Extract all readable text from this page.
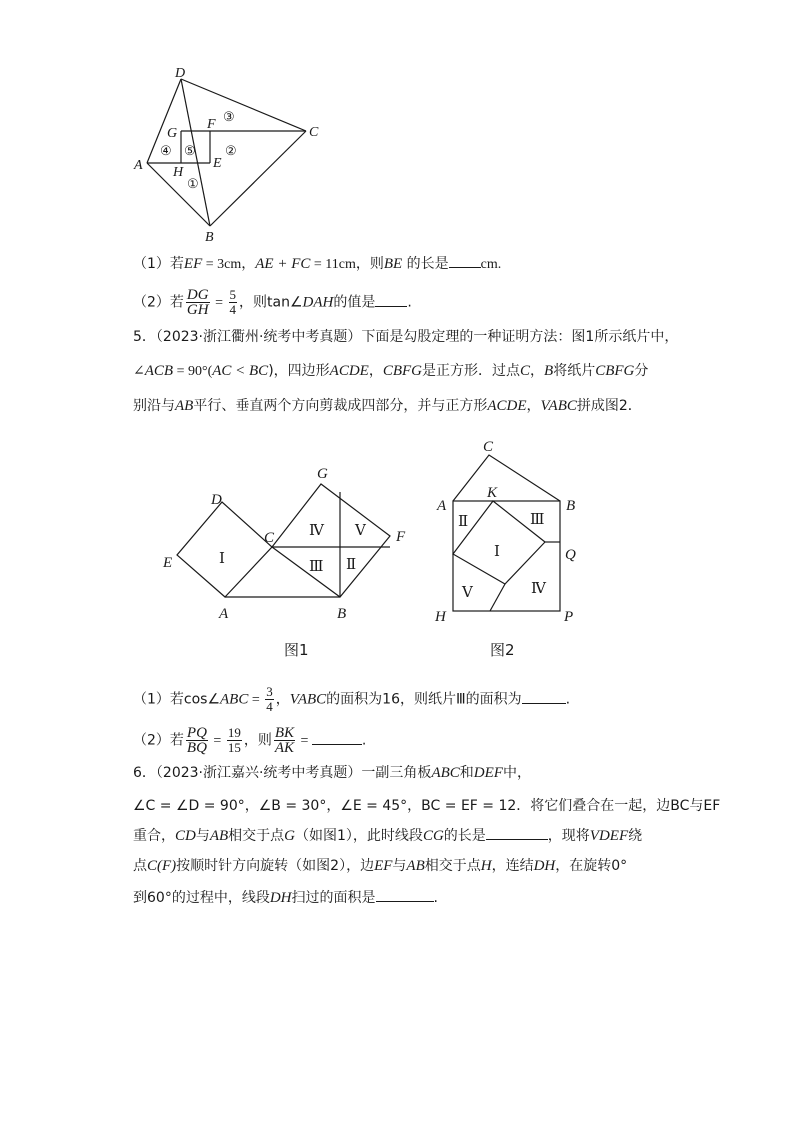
D
G
F
C
A H
E
B
①
②
③
④ ⑤
（1）若EF = 3cm，AE + FC = 11cm，则BE 的长是 cm.
（2）若 $\frac{DG}{GH} = \frac{5}{4}$ ，则tan∠DAH的值是 .
5．（2023·浙江衢州·统考中考真题）下面是勾股定理的一种证明方法：图1所示纸片中，
∠ACB = 90°(AC < BC)，四边形ACDE，CBFG是正方形．过点C，B将纸片CBFG分
别沿与AB平行、垂直两个方向剪裁成四部分，并与正方形ACDE，VABC拼成图2．
D
G
E
C	F
A	B
Ⅰ
Ⅳ Ⅴ
Ⅲ Ⅱ
图1
C
A
K
B
Q
H	P
Ⅱ	Ⅲ
Ⅰ
Ⅴ	Ⅳ
图2
（1）若cos∠ABC = $\frac{3}{4}$ ，VABC的面积为16，则纸片Ⅲ的面积为	.
（2）若 $\frac{PQ}{BQ} = \frac{19}{15}$ ，则 $\frac{BK}{AK}$ =	.
6．（2023·浙江嘉兴·统考中考真题）一副三角板ABC和DEF中，
∠C = ∠D = 90°，∠B = 30°，∠E = 45°，BC = EF = 12．将它们叠合在一起，边BC与EF
重合，CD与AB相交于点G（如图1），此时线段CG的长是	，现将VDEF绕
点C(F)按顺时针方向旋转（如图2），边EF与AB相交于点H，连结DH，在旋转0°
到60°的过程中，线段DH扫过的面积是	.
